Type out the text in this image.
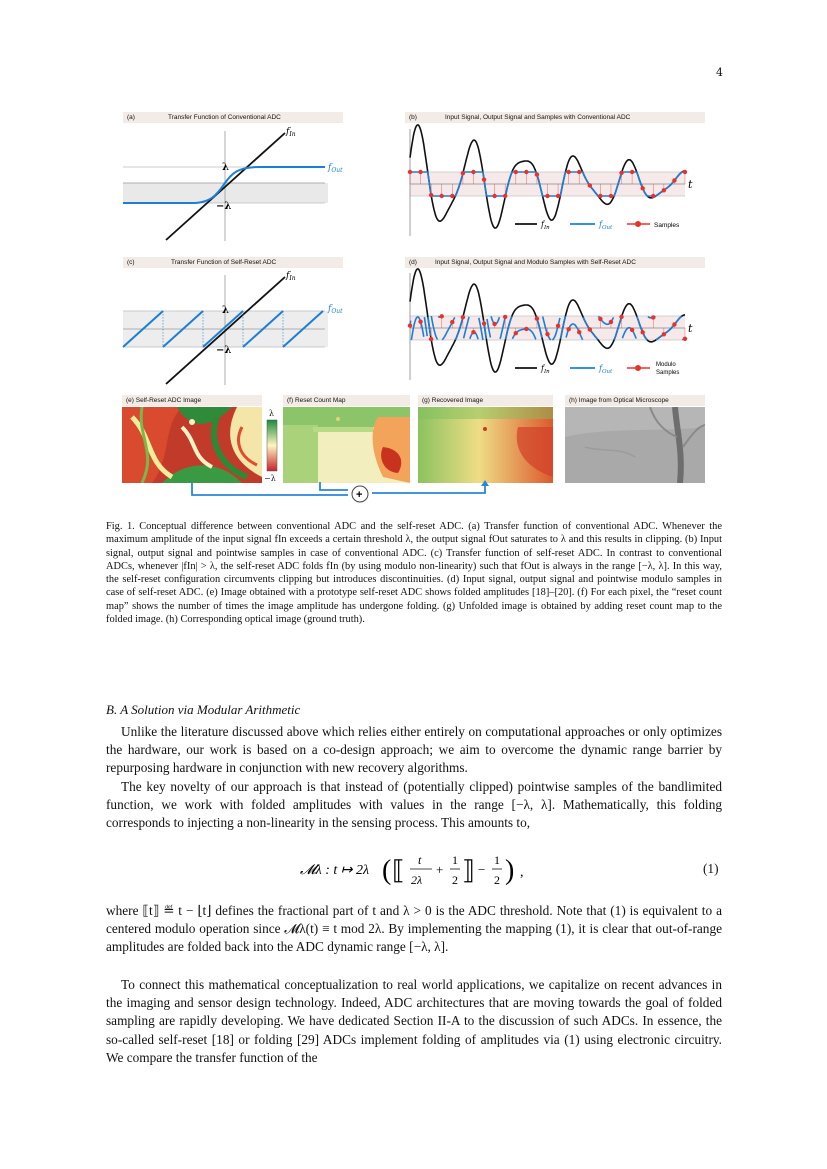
4
(a)	Transfer Function of Conventional ADC
$f_{In}$
$f_{Out}$
λ
−λ
(b)	Input Signal, Output Signal and Samples with Conventional ADC
t
$f_{In}$	$f_{Out}$	Samples
(c)	Transfer Function of Self-Reset ADC
$f_{In}$
$f_{Out}$
λ
−λ
(d)	Input Signal, Output Signal and Modulo Samples with Self-Reset ADC
t
$f_{In}$	$f_{Out}$
Modulo
Samples
(e) Self-Reset ADC Image	(f) Reset Count Map	(g) Recovered Image	(h) Image from Optical Microscope
λ
−λ
+
Fig. 1. Conceptual difference between conventional ADC and the self-reset ADC. (a) Transfer function of conventional ADC. Whenever the maximum amplitude of the input signal fIn exceeds a certain threshold λ, the output signal fOut saturates to λ and this results in clipping. (b) Input signal, output signal and pointwise samples in case of conventional ADC. (c) Transfer function of self-reset ADC. In contrast to conventional ADCs, whenever |fIn| > λ, the self-reset ADC folds fIn (by using modulo non-linearity) such that fOut is always in the range [−λ, λ]. In this way, the self-reset configuration circumvents clipping but introduces discontinuities. (d) Input signal, output signal and pointwise modulo samples in case of self-reset ADC. (e) Image obtained with a prototype self-reset ADC shows folded amplitudes [18]–[20]. (f) For each pixel, the “reset count map” shows the number of times the image amplitude has undergone folding. (g) Unfolded image is obtained by adding reset count map to the folded image. (h) Corresponding optical image (ground truth).
B. A Solution via Modular Arithmetic
Unlike the literature discussed above which relies either entirely on computational approaches or only optimizes the hardware, our work is based on a co-design approach; we aim to overcome the dynamic range barrier by repurposing hardware in conjunction with new recovery algorithms.
The key novelty of our approach is that instead of (potentially clipped) pointwise samples of the bandlimited function, we work with folded amplitudes with values in the range [−λ, λ]. Mathematically, this folding corresponds to injecting a non-linearity in the sensing process. This amounts to,
𝓜λ : t ↦ 2λ ( ⟦ t
2λ
+
1
2 ⟧ −
1
2 ) ,	(1)
where ⟦t⟧ ≝ t − ⌊t⌋ defines the fractional part of t and λ > 0 is the ADC threshold. Note that (1) is equivalent to a centered modulo operation since 𝓜λ(t) ≡ t mod 2λ. By implementing the mapping (1), it is clear that out-of-range amplitudes are folded back into the ADC dynamic range [−λ, λ].
To connect this mathematical conceptualization to real world applications, we capitalize on recent advances in the imaging and sensor design technology. Indeed, ADC architectures that are moving towards the goal of folded sampling are rapidly developing. We have dedicated Section II-A to the discussion of such ADCs. In essence, the so-called self-reset [18] or folding [29] ADCs implement folding of amplitudes via (1) using electronic circuitry. We compare the transfer function of the
